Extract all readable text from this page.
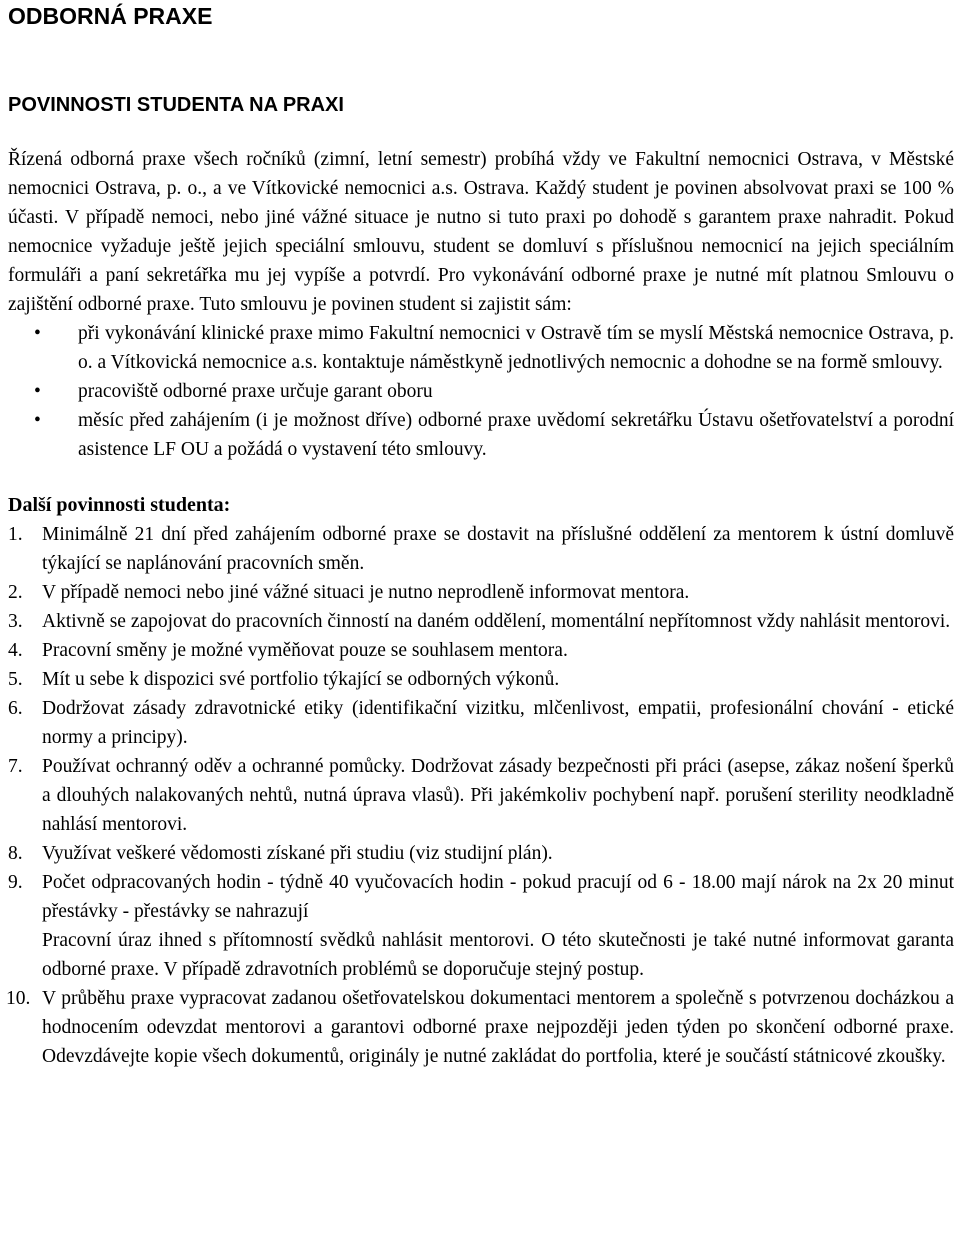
ODBORNÁ PRAXE
POVINNOSTI STUDENTA NA PRAXI

Řízená odborná praxe všech ročníků (zimní, letní semestr) probíhá vždy ve Fakultní nemocnici Ostrava, v Městské nemocnici Ostrava, p. o., a ve Vítkovické nemocnici a.s. Ostrava. Každý student je povinen absolvovat praxi se 100 % účasti. V případě nemoci, nebo jiné vážné situace je nutno si tuto praxi po dohodě s garantem praxe nahradit. Pokud nemocnice vyžaduje ještě jejich speciální smlouvu, student se domluví s příslušnou nemocnicí na jejich speciálním formuláři a paní sekretářka mu jej vypíše a potvrdí. Pro vykonávání odborné praxe je nutné mít platnou Smlouvu o zajištění odborné praxe. Tuto smlouvu je povinen student si zajistit sám:

• při vykonávání klinické praxe mimo Fakultní nemocnici v Ostravě tím se myslí Městská nemocnice Ostrava, p. o. a Vítkovická nemocnice a.s. kontaktuje náměstkyně jednotlivých nemocnic a dohodne se na formě smlouvy.
• pracoviště odborné praxe určuje garant oboru
• měsíc před zahájením (i je možnost dříve) odborné praxe uvědomí sekretářku Ústavu ošetřovatelství a porodní asistence LF OU a požádá o vystavení této smlouvy.
Další povinnosti studenta:
1. Minimálně 21 dní před zahájením odborné praxe se dostavit na příslušné oddělení za mentorem k ústní domluvě týkající se naplánování pracovních směn.
2. V případě nemoci nebo jiné vážné situaci je nutno neprodleně informovat mentora.
3. Aktivně se zapojovat do pracovních činností na daném oddělení, momentální nepřítomnost vždy nahlásit mentorovi.
4. Pracovní směny je možné vyměňovat pouze se souhlasem mentora.
5. Mít u sebe k dispozici své portfolio týkající se odborných výkonů.
6. Dodržovat zásady zdravotnické etiky (identifikační vizitku, mlčenlivost, empatii, profesionální chování - etické normy a principy).
7. Používat ochranný oděv a ochranné pomůcky. Dodržovat zásady bezpečnosti při práci (asepse, zákaz nošení šperků a dlouhých nalakovaných nehtů, nutná úprava vlasů). Při jakémkoliv pochybení např. porušení sterility neodkladně nahlásí mentorovi.
8. Využívat veškeré vědomosti získané při studiu (viz studijní plán).
9. Počet odpracovaných hodin - týdně 40 vyučovacích hodin - pokud pracují od 6 - 18.00 mají nárok na 2x 20 minut přestávky - přestávky se nahrazují
Pracovní úraz ihned s přítomností svědků nahlásit mentorovi. O této skutečnosti je také nutné informovat garanta odborné praxe. V případě zdravotních problémů se doporučuje stejný postup.
10. V průběhu praxe vypracovat zadanou ošetřovatelskou dokumentaci mentorem a společně s potvrzenou docházkou a hodnocením odevzdat mentorovi a garantovi odborné praxe nejpozději jeden týden po skončení odborné praxe. Odevzdávejte kopie všech dokumentů, originály je nutné zakládat do portfolia, které je součástí státnicové zkoušky.
